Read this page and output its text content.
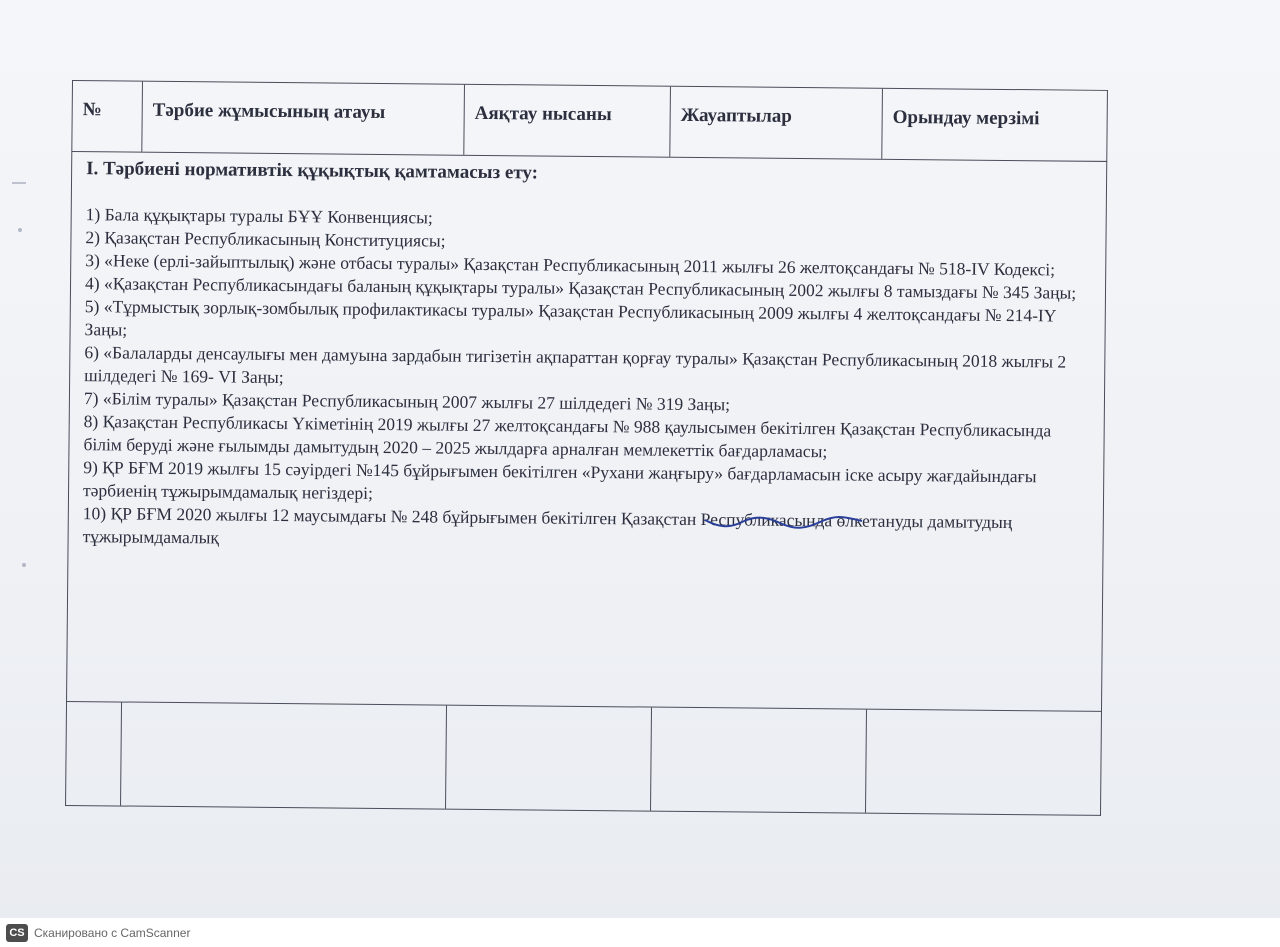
№	Тәрбие жұмысының атауы	Аяқтау нысаны	Жауаптылар	Орындау мерзімі
І. Тәрбиені нормативтік құқықтық қамтамасыз ету:

1) Бала құқықтары туралы БҰҰ Конвенциясы;

2) Қазақстан Республикасының Конституциясы;

3) «Неке (ерлі-зайыптылық) және отбасы туралы» Қазақстан Республикасының 2011 жылғы 26 желтоқсандағы № 518-IV Кодексі;

4) «Қазақстан Республикасындағы баланың құқықтары туралы» Қазақстан Республикасының 2002 жылғы 8 тамыздағы № 345 Заңы;

5) «Тұрмыстық зорлық-зомбылық профилактикасы туралы» Қазақстан Республикасының 2009 жылғы 4 желтоқсандағы № 214-IҮ Заңы;

6) «Балаларды денсаулығы мен дамуына зардабын тигізетін ақпараттан қорғау туралы» Қазақстан Республикасының 2018 жылғы 2 шілдедегі № 169- VI Заңы;

7) «Білім туралы» Қазақстан Республикасының 2007 жылғы 27 шілдедегі № 319 Заңы;

8) Қазақстан Республикасы Үкіметінің 2019 жылғы 27 желтоқсандағы № 988 қаулысымен бекітілген Қазақстан Республикасында білім беруді және ғылымды дамытудың 2020 – 2025 жылдарға арналған мемлекеттік бағдарламасы;

9) ҚР БҒМ 2019 жылғы 15 сәуірдегі №145 бұйрығымен бекітілген «Рухани жаңғыру» бағдарламасын іске асыру жағдайындағы тәрбиенің тұжырымдамалық негіздері;

10) ҚР БҒМ 2020 жылғы 12 маусымдағы № 248 бұйрығымен бекітілген Қазақстан Республикасында өлкетануды дамытудың тұжырымдамалық

CS Сканировано с CamScanner
